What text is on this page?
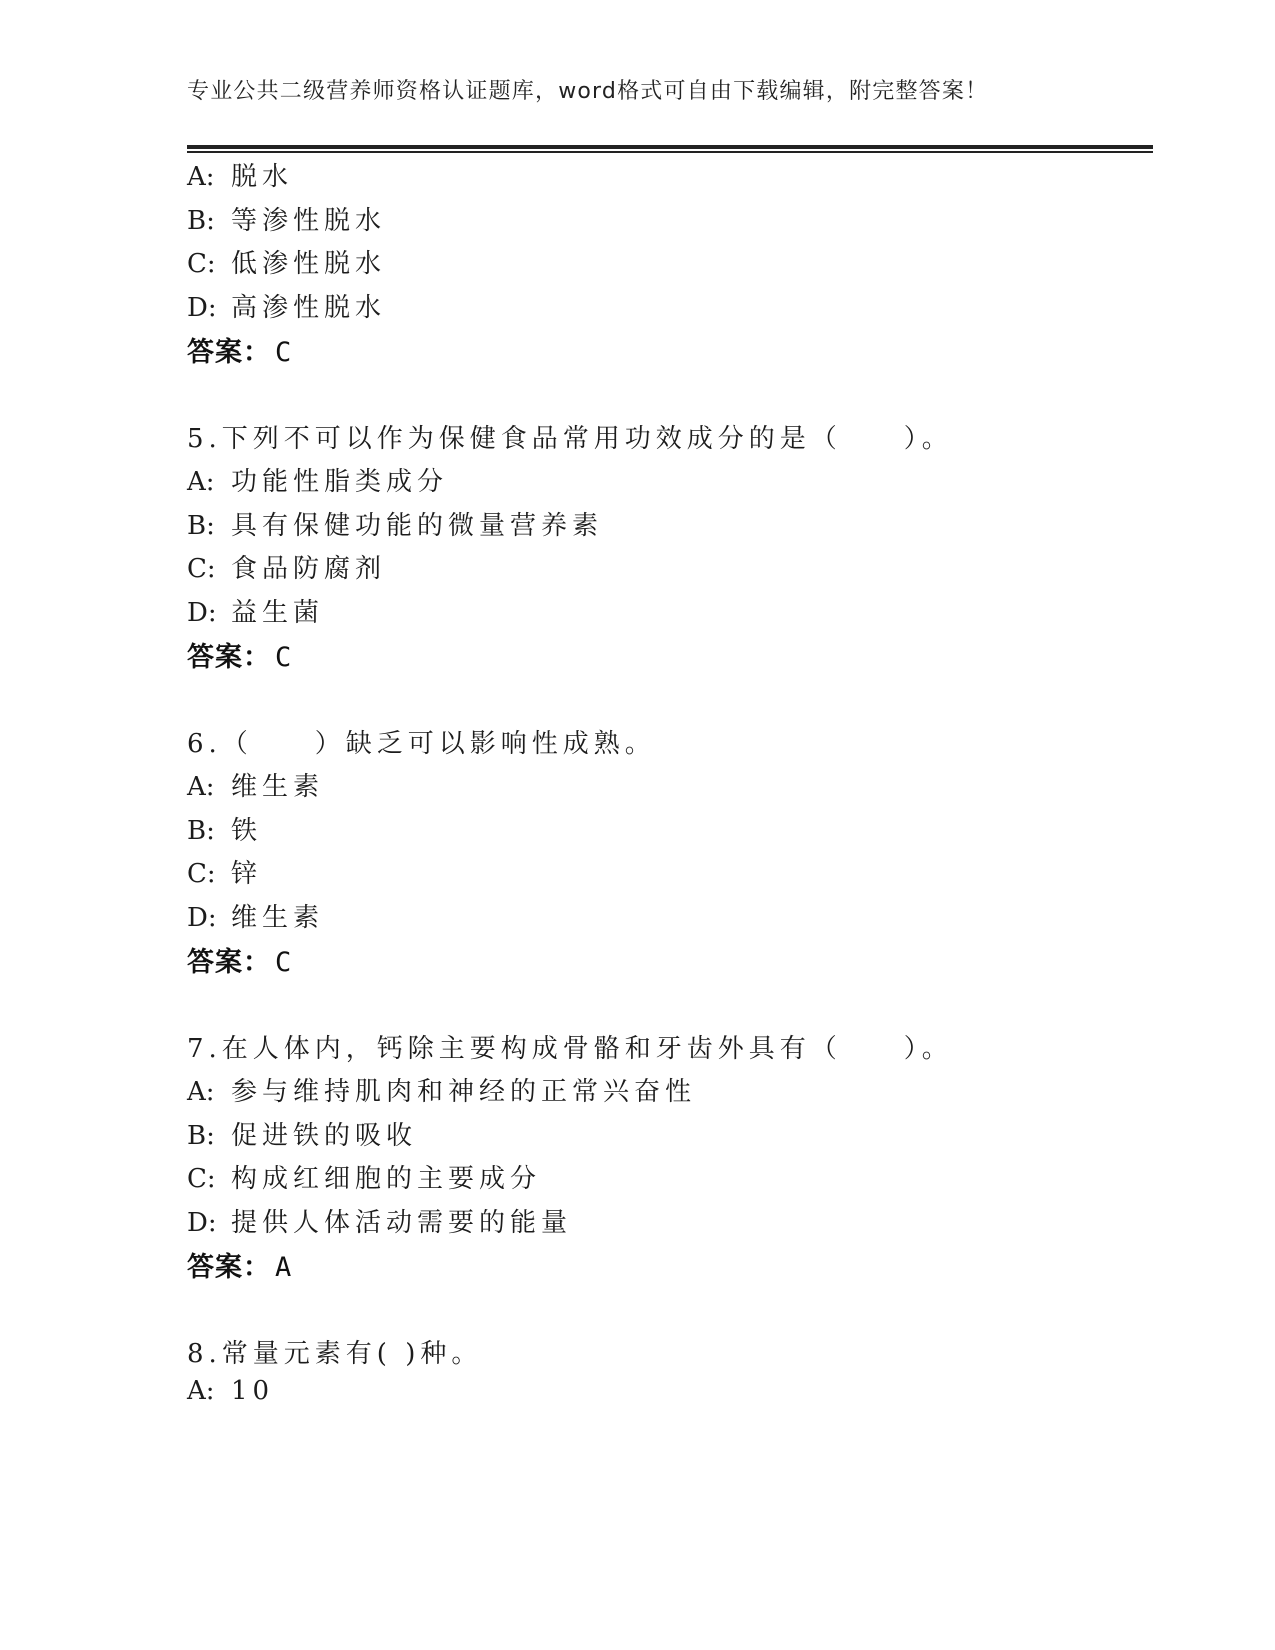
专业公共二级营养师资格认证题库，word格式可自由下载编辑，附完整答案！
A: 脱水
B: 等渗性脱水
C: 低渗性脱水
D: 高渗性脱水
答案： C
5.下列不可以作为保健食品常用功效成分的是（　　）。
A: 功能性脂类成分
B: 具有保健功能的微量营养素
C: 食品防腐剂
D: 益生菌
答案： C
6.（　　）缺乏可以影响性成熟。
A: 维生素
B: 铁
C: 锌
D: 维生素
答案： C
7.在人体内，钙除主要构成骨骼和牙齿外具有（　　）。
A: 参与维持肌肉和神经的正常兴奋性
B: 促进铁的吸收
C: 构成红细胞的主要成分
D: 提供人体活动需要的能量
答案： A
8.常量元素有( )种。
A: 10
